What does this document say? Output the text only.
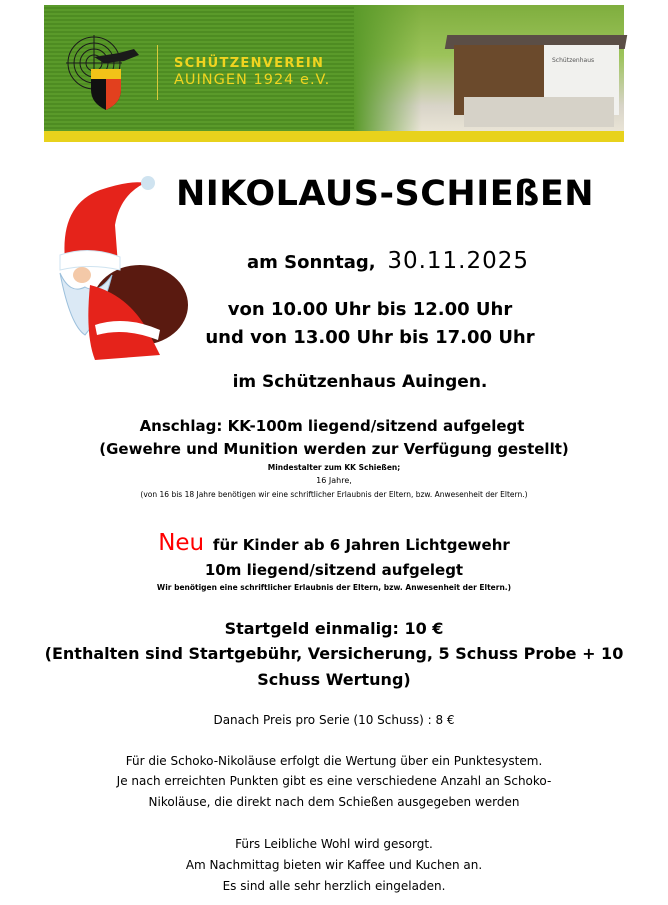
Schützenhaus
SCHÜTZENVEREIN
AUINGEN 1924 e.V.
NIKOLAUS-SCHIEßEN
am Sonntag, 30.11.2025
von 10.00 Uhr bis 12.00 Uhr
und von 13.00 Uhr bis 17.00 Uhr
im Schützenhaus Auingen.
Anschlag: KK-100m liegend/sitzend aufgelegt
(Gewehre und Munition werden zur Verfügung gestellt)
Mindestalter zum KK Schießen;
16 Jahre,
(von 16 bis 18 Jahre benötigen wir eine schriftlicher Erlaubnis der Eltern, bzw. Anwesenheit der Eltern.)
Neu für Kinder ab 6 Jahren Lichtgewehr
10m liegend/sitzend aufgelegt
Wir benötigen eine schriftlicher Erlaubnis der Eltern, bzw. Anwesenheit der Eltern.)
Startgeld einmalig: 10 €
(Enthalten sind Startgebühr, Versicherung, 5 Schuss Probe + 10
Schuss Wertung)
Danach Preis pro Serie (10 Schuss) : 8 €
Für die Schoko-Nikoläuse erfolgt die Wertung über ein Punktesystem.
Je nach erreichten Punkten gibt es eine verschiedene Anzahl an Schoko-
Nikoläuse, die direkt nach dem Schießen ausgegeben werden
Fürs Leibliche Wohl wird gesorgt.
Am Nachmittag bieten wir Kaffee und Kuchen an.
Es sind alle sehr herzlich eingeladen.
